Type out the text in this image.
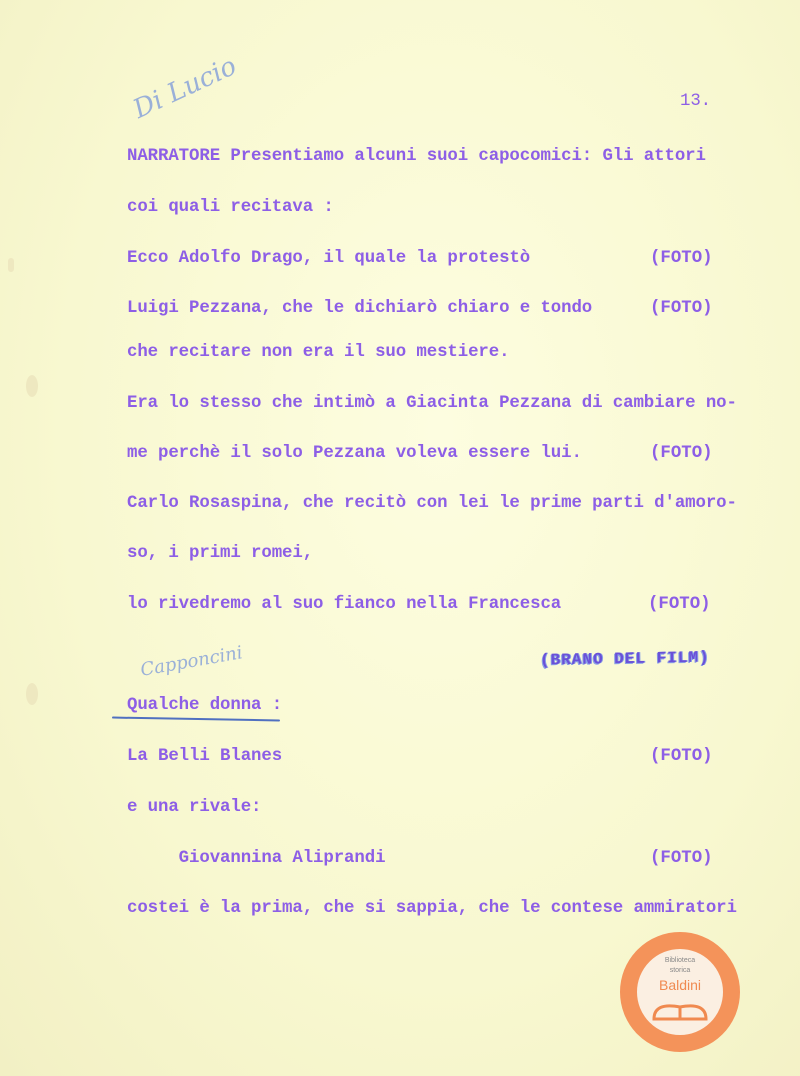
Di Lucio	13.
NARRATORE Presentiamo alcuni suoi capocomici: Gli attori
coi quali recitava :
Ecco Adolfo Drago, il quale la protestò	(FOTO)
Luigi Pezzana, che le dichiarò chiaro e tondo	(FOTO)
che recitare non era il suo mestiere.
Era lo stesso che intimò a Giacinta Pezzana di cambiare no-
me perchè il solo Pezzana voleva essere lui.	(FOTO)
Carlo Rosaspina, che recitò con lei le prime parti d'amoro-
so, i primi romei,
lo rivedremo al suo fianco nella Francesca	(FOTO)
(BRANO DEL FILM)
Capponcini
Qualche donna :
La Belli Blanes	(FOTO)
e una rivale:
Giovannina Aliprandi	(FOTO)
costei è la prima, che si sappia, che le contese ammiratori
Biblioteca
storica
Baldini
